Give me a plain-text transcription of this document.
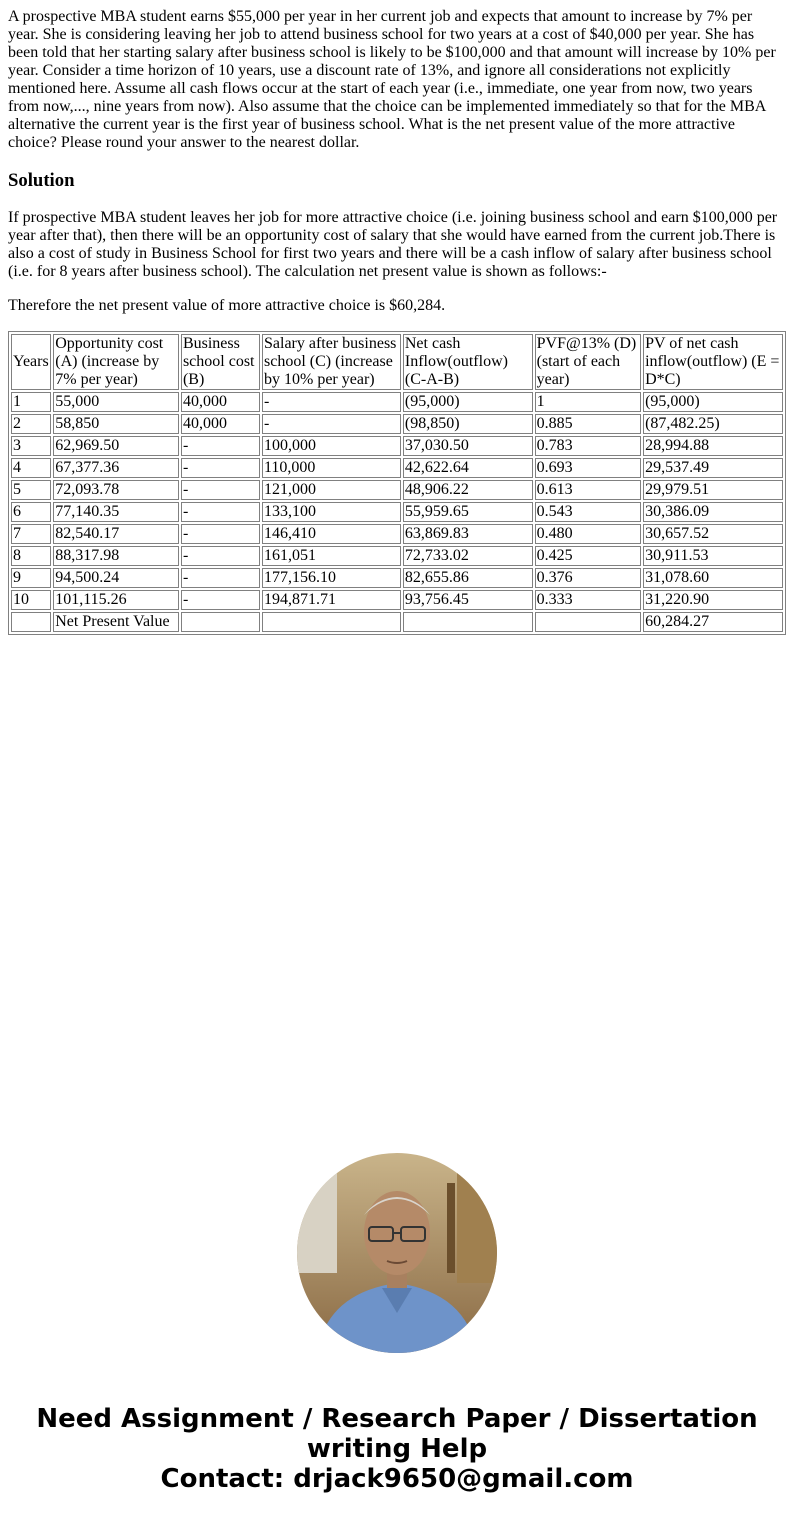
A prospective MBA student earns $55,000 per year in her current job and expects that amount to increase by 7% per year. She is considering leaving her job to attend business school for two years at a cost of $40,000 per year. She has been told that her starting salary after business school is likely to be $100,000 and that amount will increase by 10% per year. Consider a time horizon of 10 years, use a discount rate of 13%, and ignore all considerations not explicitly mentioned here. Assume all cash flows occur at the start of each year (i.e., immediate, one year from now, two years from now,..., nine years from now). Also assume that the choice can be implemented immediately so that for the MBA alternative the current year is the first year of business school. What is the net present value of the more attractive choice? Please round your answer to the nearest dollar.

Solution

If prospective MBA student leaves her job for more attractive choice (i.e. joining business school and earn $100,000 per year after that), then there will be an opportunity cost of salary that she would have earned from the current job.There is also a cost of study in Business School for first two years and there will be a cash inflow of salary after business school (i.e. for 8 years after business school). The calculation net present value is shown as follows:-

Therefore the net present value of more attractive choice is $60,284.

Years	Opportunity cost (A) (increase by 7% per year)	Business school cost (B)	Salary after business school (C) (increase by 10% per year)	Net cash Inflow(outflow) (C-A-B)	PVF@13% (D) (start of each year)	PV of net cash inflow(outflow) (E = D*C)
1	55,000	40,000	-	(95,000)	1	(95,000)
2	58,850	40,000	-	(98,850)	0.885	(87,482.25)
3	62,969.50	-	100,000	37,030.50	0.783	28,994.88
4	67,377.36	-	110,000	42,622.64	0.693	29,537.49
5	72,093.78	-	121,000	48,906.22	0.613	29,979.51
6	77,140.35	-	133,100	55,959.65	0.543	30,386.09
7	82,540.17	-	146,410	63,869.83	0.480	30,657.52
8	88,317.98	-	161,051	72,733.02	0.425	30,911.53
9	94,500.24	-	177,156.10	82,655.86	0.376	31,078.60
10	101,115.26	-	194,871.71	93,756.45	0.333	31,220.90
	Net Present Value					60,284.27
Need Assignment / Research Paper / Dissertation
writing Help
Contact: drjack9650@gmail.com
